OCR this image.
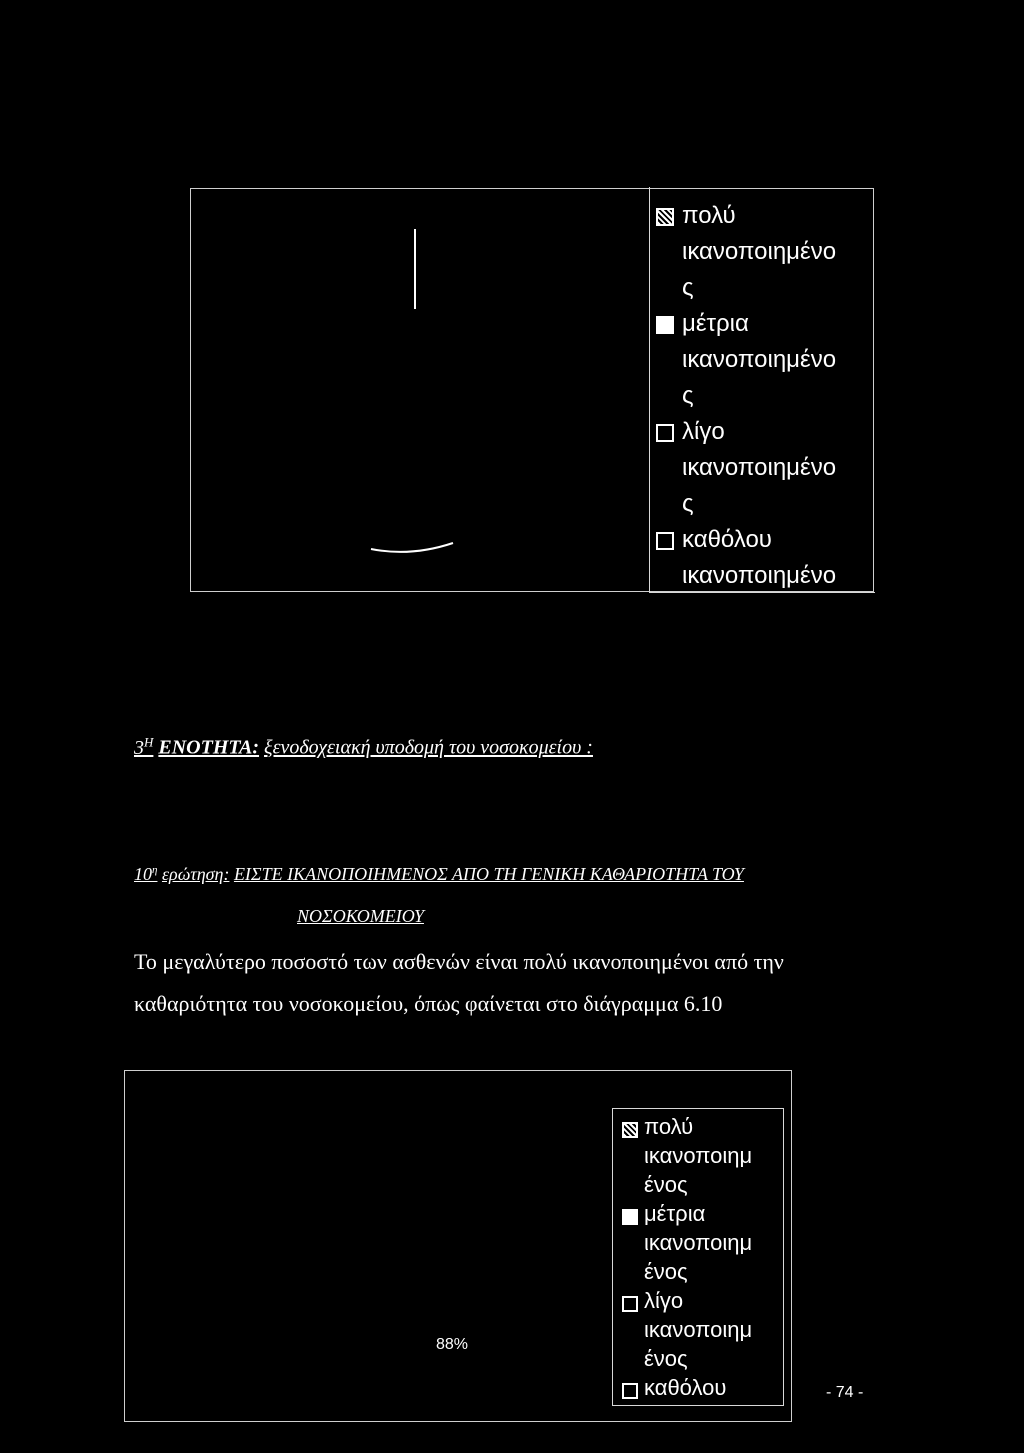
πολύ
ικανοποιημένο
ς
μέτρια
ικανοποιημένο
ς
λίγο
ικανοποιημένο
ς
καθόλου
ικανοποιημένο
$3^H$ ΕΝΟΤΗΤΑ: ξενοδοχειακή υποδομή του νοσοκομείου :
$10^\eta$ ερώτηση: ΕΙΣΤΕ ΙΚΑΝΟΠΟΙΗΜΕΝΟΣ ΑΠΟ ΤΗ ΓΕΝΙΚΗ ΚΑΘΑΡΙΟΤΗΤΑ ΤΟΥ
ΝΟΣΟΚΟΜΕΙΟΥ
Το μεγαλύτερο ποσοστό των ασθενών είναι πολύ ικανοποιημένοι από την
καθαριότητα του νοσοκομείου, όπως φαίνεται στο διάγραμμα 6.10
88%
πολύ
ικανοποιημ
ένος
μέτρια
ικανοποιημ
ένος
λίγο
ικανοποιημ
ένος
καθόλου	- 74 -
